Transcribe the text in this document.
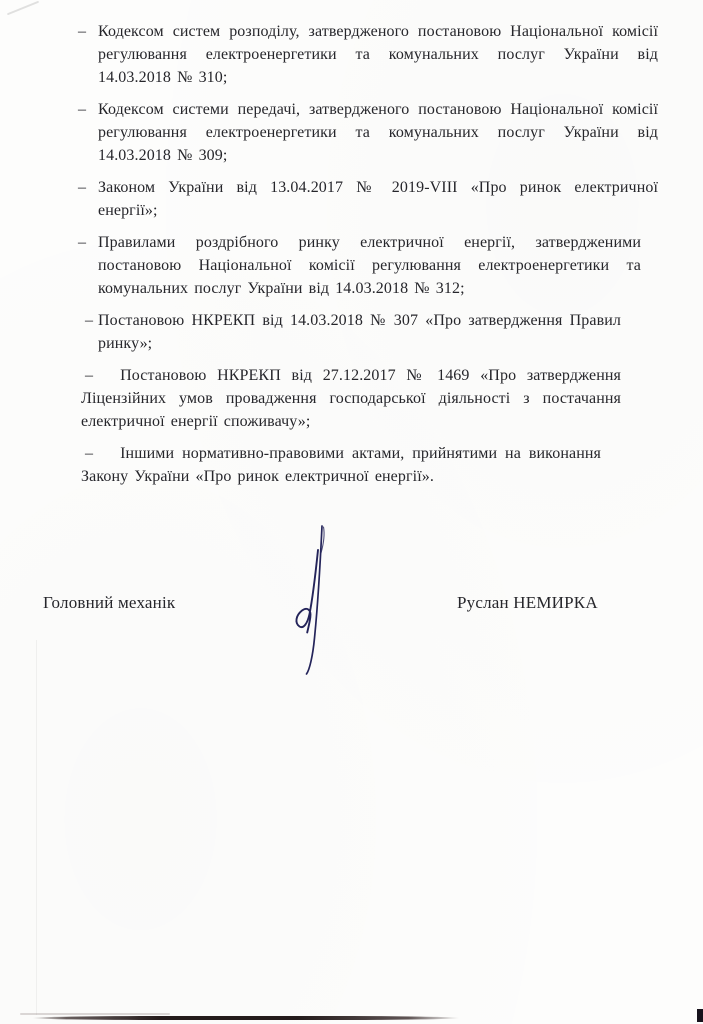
– Кодексом систем розподілу, затвердженого постановою Національної комісії регулювання електроенергетики та комунальних послуг України від 14.03.2018 № 310;
– Кодексом системи передачі, затвердженого постановою Національної комісії регулювання електроенергетики та комунальних послуг України від 14.03.2018 № 309;
– Законом України від 13.04.2017 № 2019-VIII «Про ринок електричної енергії»;
– Правилами роздрібного ринку електричної енергії, затвердженими постановою Національної комісії регулювання електроенергетики та комунальних послуг України від 14.03.2018 № 312;
– Постановою НКРЕКП від 14.03.2018 № 307 «Про затвердження Правил ринку»;
– Постановою НКРЕКП від 27.12.2017 № 1469 «Про затвердження Ліцензійних умов провадження господарської діяльності з постачання електричної енергії споживачу»;
– Іншими нормативно-правовими актами, прийнятими на виконання Закону України «Про ринок електричної енергії».
Головний механік	Руслан НЕМИРКА
